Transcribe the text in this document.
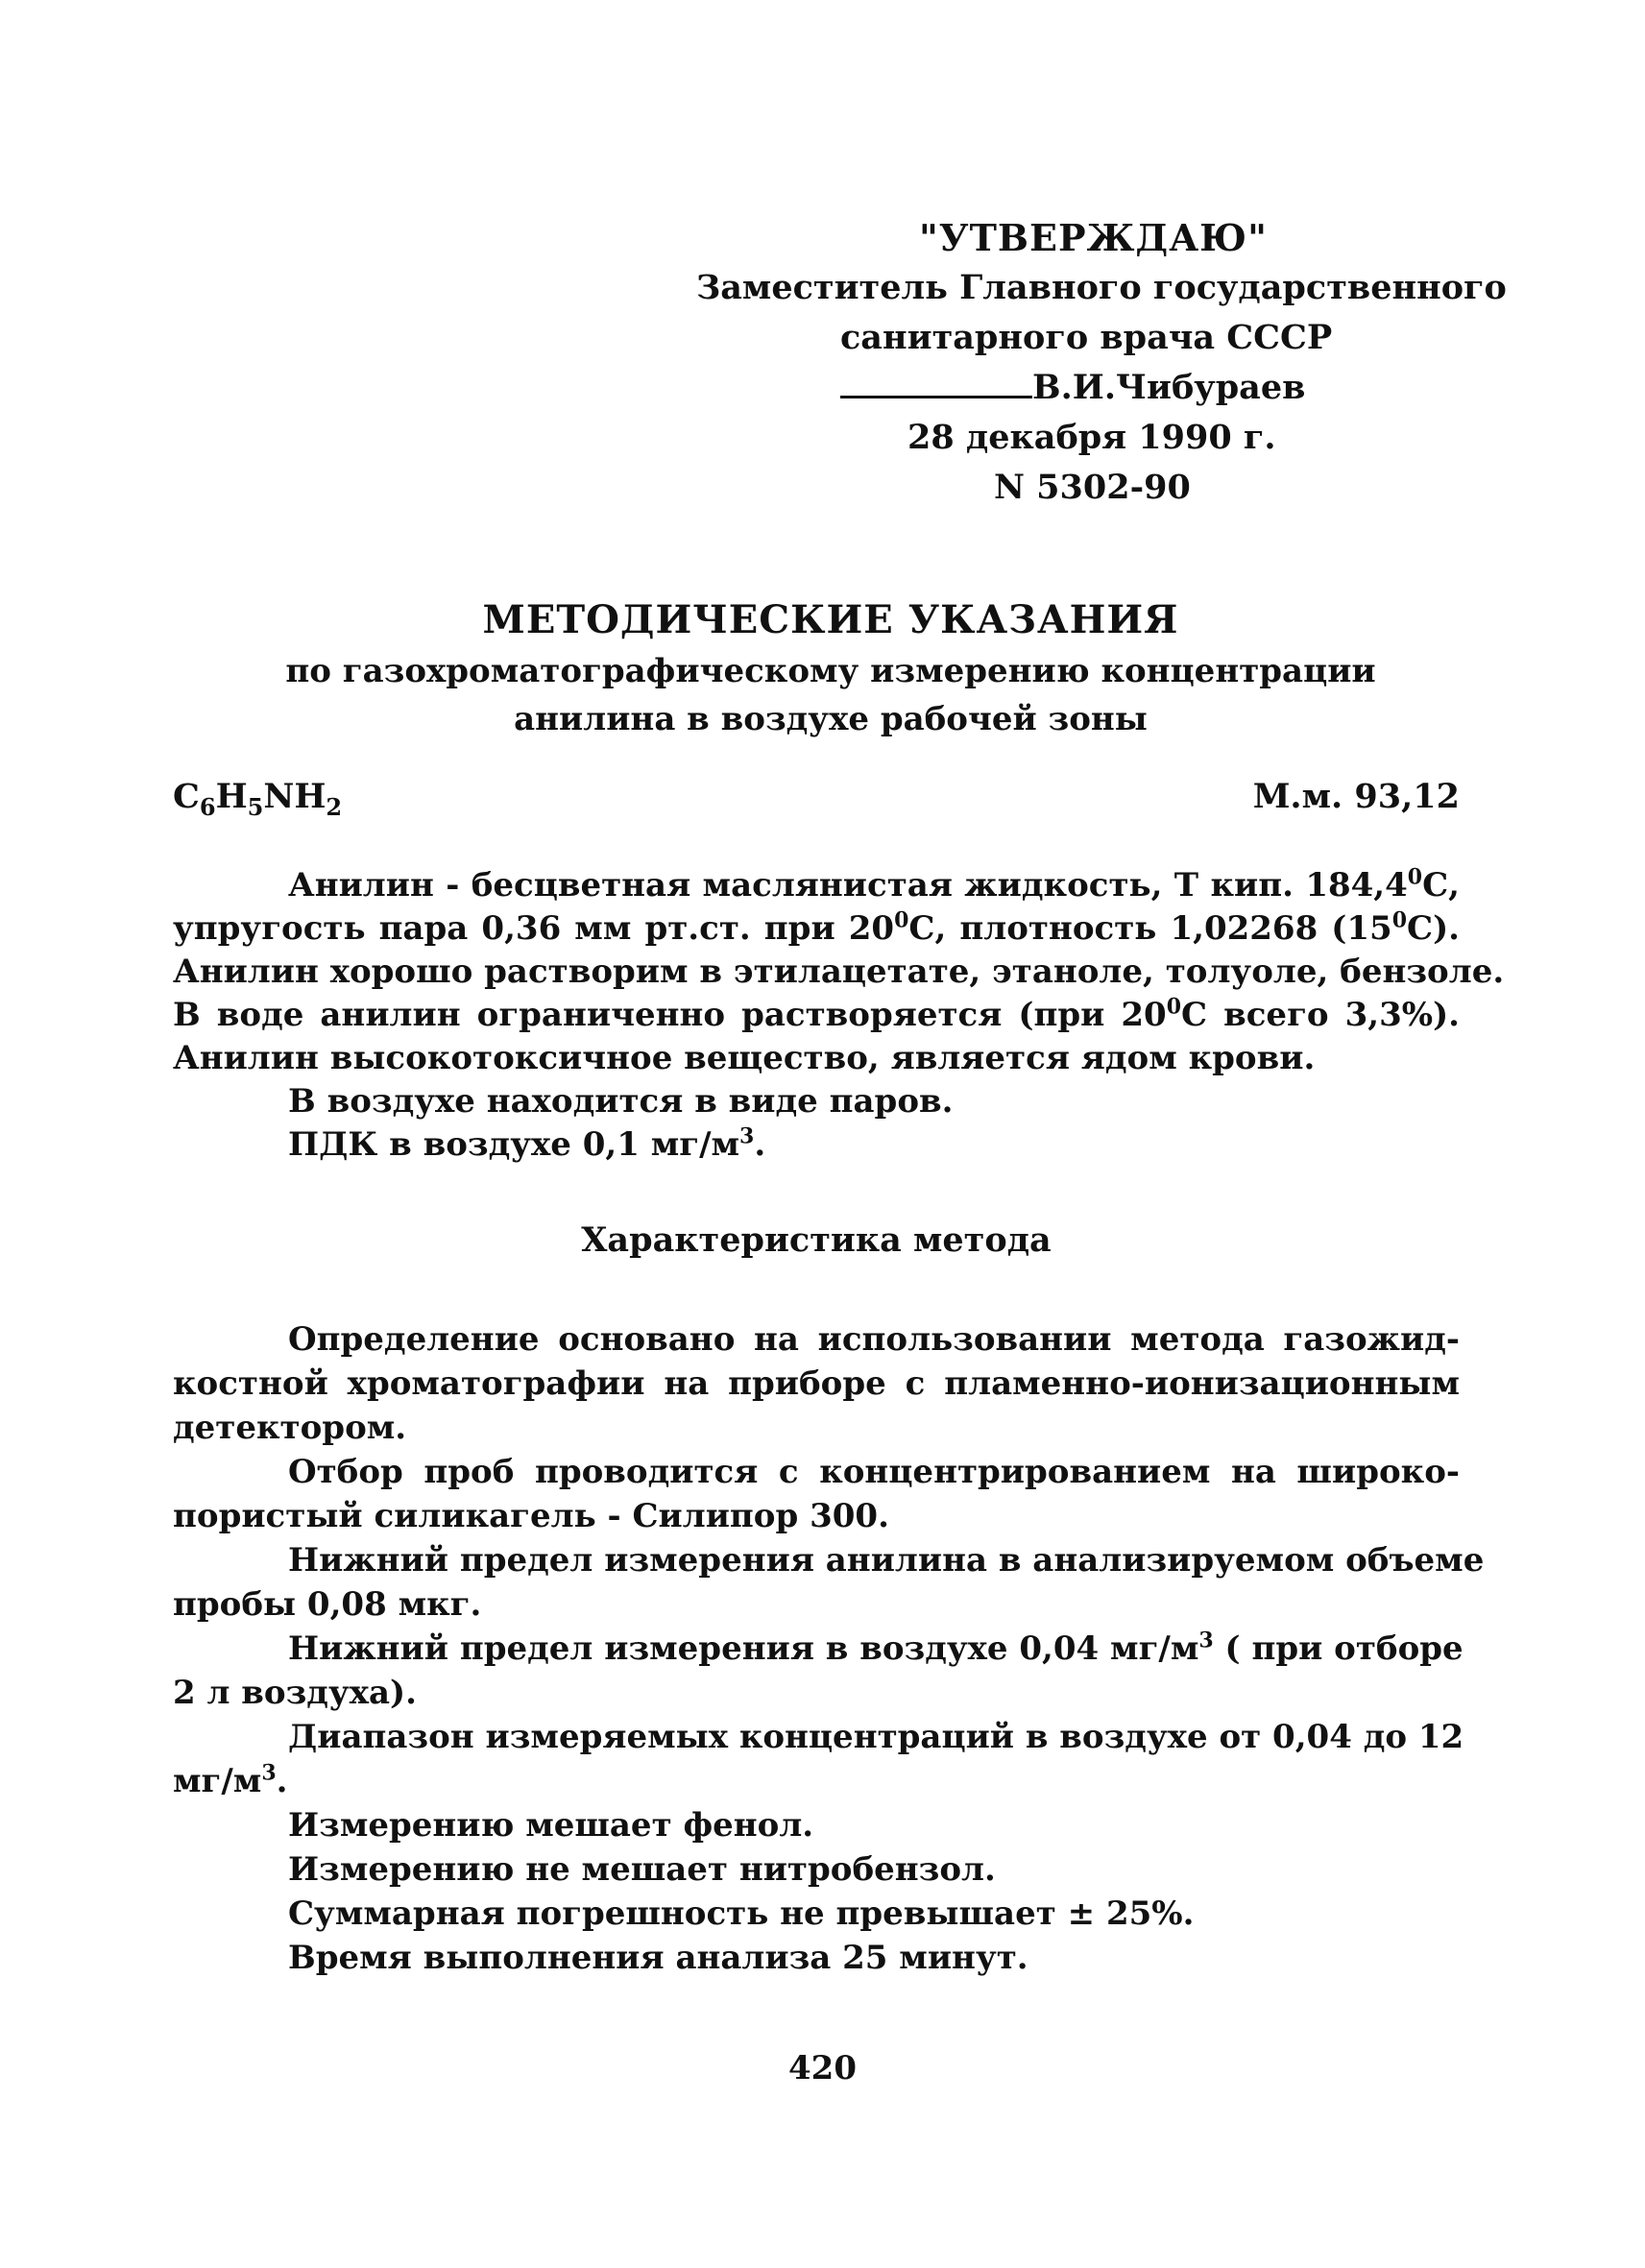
"УТВЕРЖДАЮ"
Заместитель Главного государственного
санитарного врача СССР
В.И.Чибураев
28 декабря 1990 г.
N 5302-90
МЕТОДИЧЕСКИЕ УКАЗАНИЯ
по газохроматографическому измерению концентрации
анилина в воздухе рабочей зоны
$C_6H_5NH_2$	М.м. 93,12
Анилин - бесцветная маслянистая жидкость, Т кип. 184,4$^0$С,
упругость пара 0,36 мм рт.ст. при $20^0С$, плотность 1,02268 $(15^0С)$.
Анилин хорошо растворим в этилацетате, этаноле, толуоле, бензоле.
В воде анилин ограниченно растворяется (при $20^0С$ всего 3,3%).
Анилин высокотоксичное вещество, является ядом крови.
В воздухе находится в виде паров.
ПДК в воздухе 0,1 $мг/м^3$.
Характеристика метода
Определение основано на использовании метода газожид-
костной хроматографии на приборе с пламенно-ионизационным
детектором.
Отбор проб проводится с концентрированием на широко-
пористый силикагель - Силипор 300.
Нижний предел измерения анилина в анализируемом объеме
пробы 0,08 мкг.
Нижний предел измерения в воздухе 0,04 $мг/м^3$ ( при отборе
2 л воздуха).
Диапазон измеряемых концентраций в воздухе от 0,04 до 12
$мг/м^3$.
Измерению мешает фенол.
Измерению не мешает нитробензол.
Суммарная погрешность не превышает ± 25%.
Время выполнения анализа 25 минут.
420
